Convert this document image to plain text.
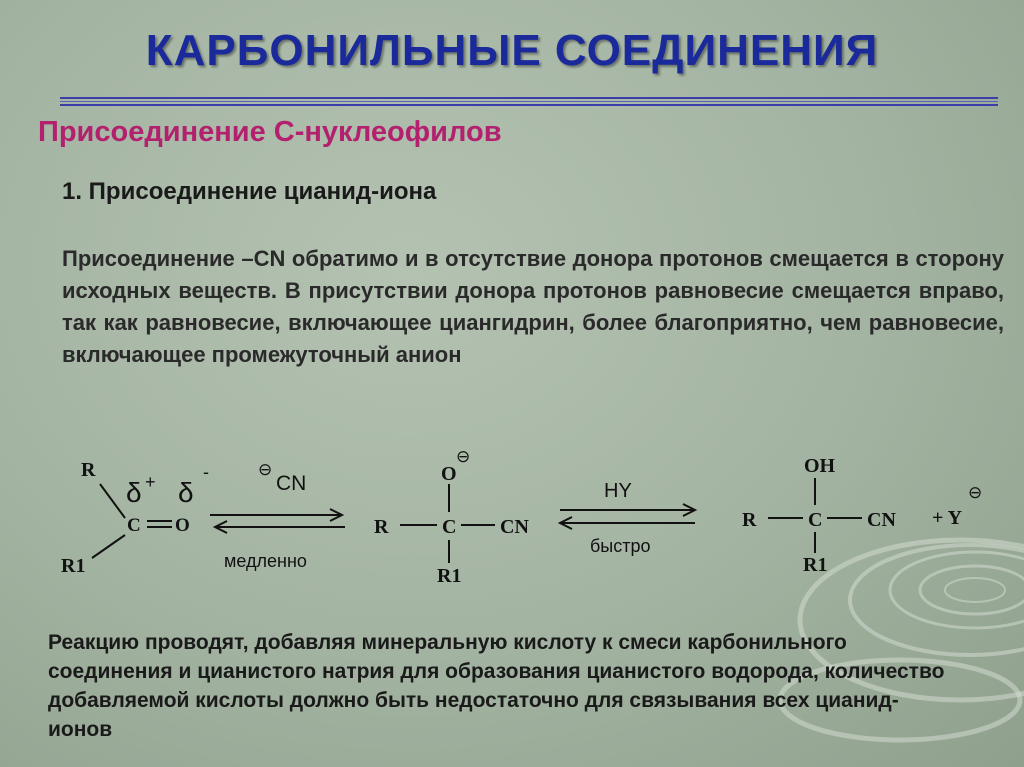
КАРБОНИЛЬНЫЕ СОЕДИНЕНИЯ
Присоединение С-нуклеофилов
1. Присоединение цианид-иона
Присоединение –CN обратимо и в отсутствие донора протонов смещается в сторону исходных веществ. В присутствии донора протонов равновесие смещается вправо, так как равновесие, включающее циангидрин, более благоприятно, чем равновесие, включающее промежуточный анион
R
R1
C O
δ + δ
-	⊖
CN
медленно
O
⊖
R	C CN
R1
HY
быстро
OH
R	C CN
R1
+ Y
⊖
Реакцию проводят, добавляя минеральную кислоту к смеси карбонильного соединения и цианистого натрия для образования цианистого водорода, количество добавляемой кислоты должно быть недостаточно для связывания всех цианид-ионов
